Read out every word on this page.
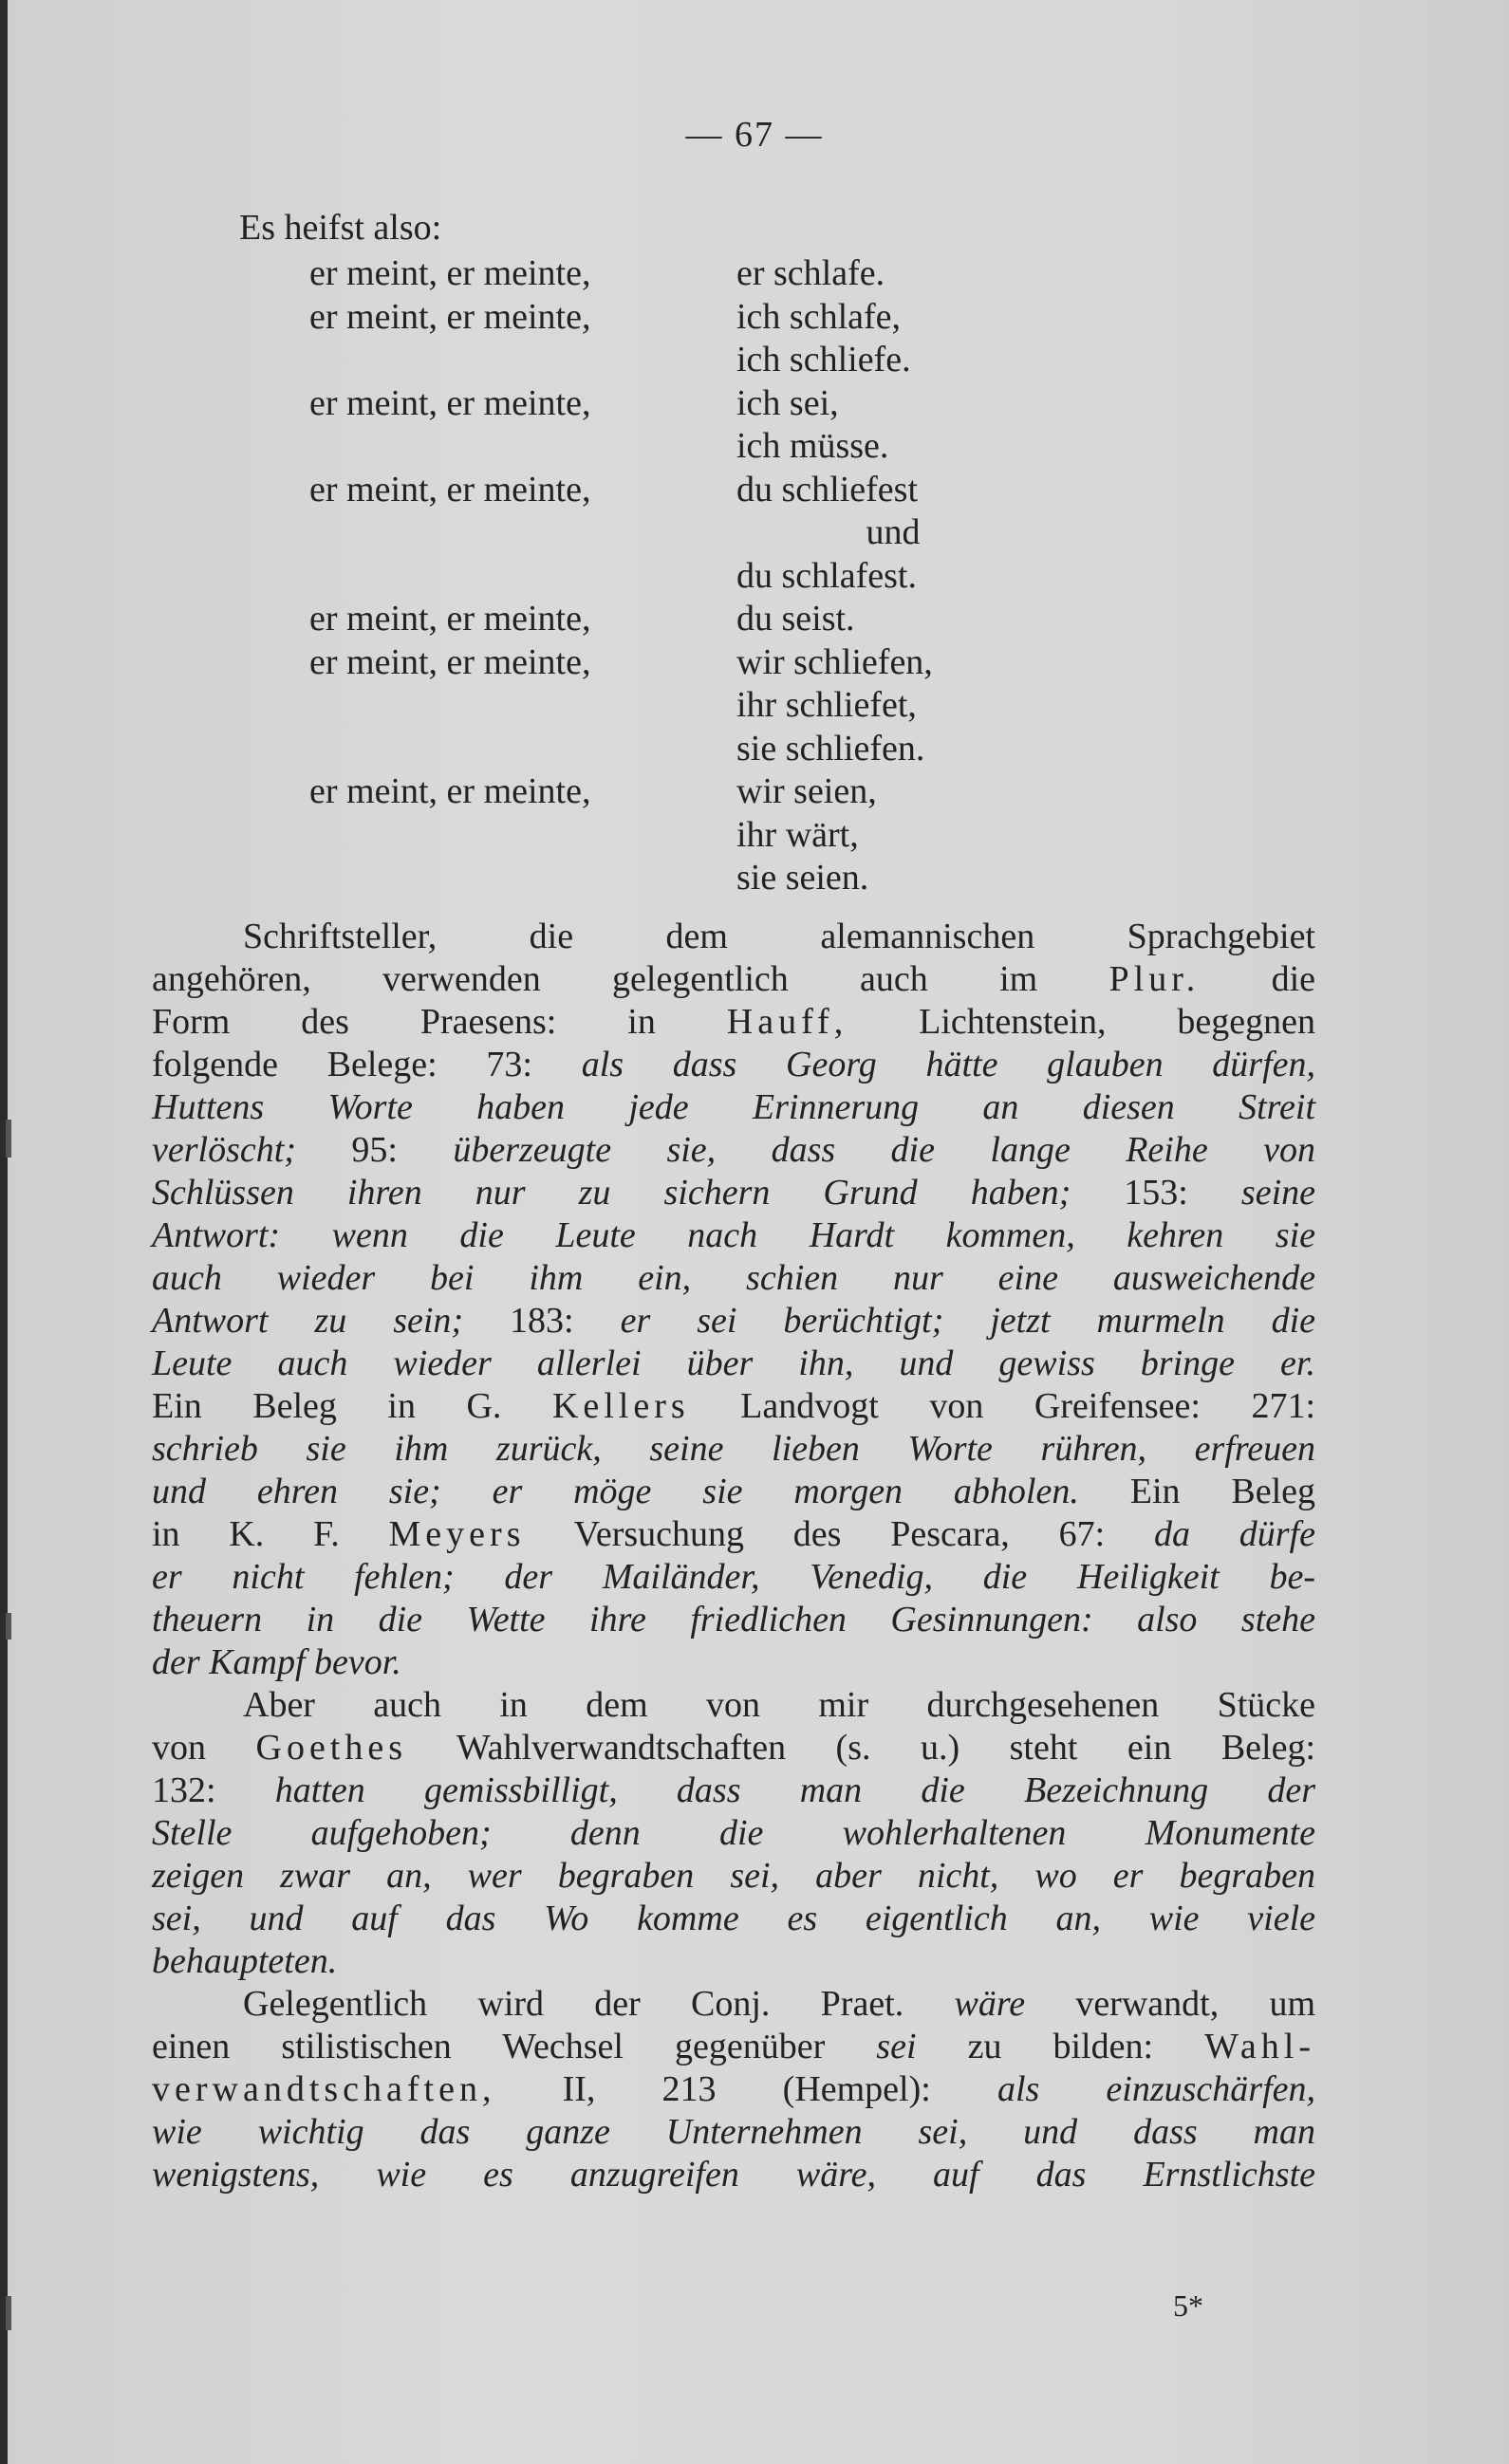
— 67 —
Es heifst also:
er meint, er meinte,	er schlafe.
er meint, er meinte,	ich schlafe,
ich schliefe.
er meint, er meinte,	ich sei,
ich müsse.
er meint, er meinte,	du schliefest
und
du schlafest.
er meint, er meinte,	du seist.
er meint, er meinte,	wir schliefen,
ihr schliefet,
sie schliefen.
er meint, er meinte,	wir seien,
ihr wärt,
sie seien.
Schriftsteller, die dem alemannischen Sprachgebiet
angehören, verwenden gelegentlich auch im Plur. die
Form des Praesens: in Hauff, Lichtenstein, begegnen
folgende Belege: 73: als dass Georg hätte glauben dürfen,
Huttens Worte haben jede Erinnerung an diesen Streit
verlöscht; 95: überzeugte sie, dass die lange Reihe von
Schlüssen ihren nur zu sichern Grund haben; 153: seine
Antwort: wenn die Leute nach Hardt kommen, kehren sie
auch wieder bei ihm ein, schien nur eine ausweichende
Antwort zu sein; 183: er sei berüchtigt; jetzt murmeln die
Leute auch wieder allerlei über ihn, und gewiss bringe er.
Ein Beleg in G. Kellers Landvogt von Greifensee: 271:
schrieb sie ihm zurück, seine lieben Worte rühren, erfreuen
und ehren sie; er möge sie morgen abholen. Ein Beleg
in K. F. Meyers Versuchung des Pescara, 67: da dürfe
er nicht fehlen; der Mailänder, Venedig, die Heiligkeit be-
theuern in die Wette ihre friedlichen Gesinnungen: also stehe
der Kampf bevor.
Aber auch in dem von mir durchgesehenen Stücke
von Goethes Wahlverwandtschaften (s. u.) steht ein Beleg:
132: hatten gemissbilligt, dass man die Bezeichnung der
Stelle aufgehoben; denn die wohlerhaltenen Monumente
zeigen zwar an, wer begraben sei, aber nicht, wo er begraben
sei, und auf das Wo komme es eigentlich an, wie viele
behaupteten.
Gelegentlich wird der Conj. Praet. wäre verwandt, um
einen stilistischen Wechsel gegenüber sei zu bilden: Wahl-
verwandtschaften, II, 213 (Hempel): als einzuschärfen,
wie wichtig das ganze Unternehmen sei, und dass man
wenigstens, wie es anzugreifen wäre, auf das Ernstlichste
5*
